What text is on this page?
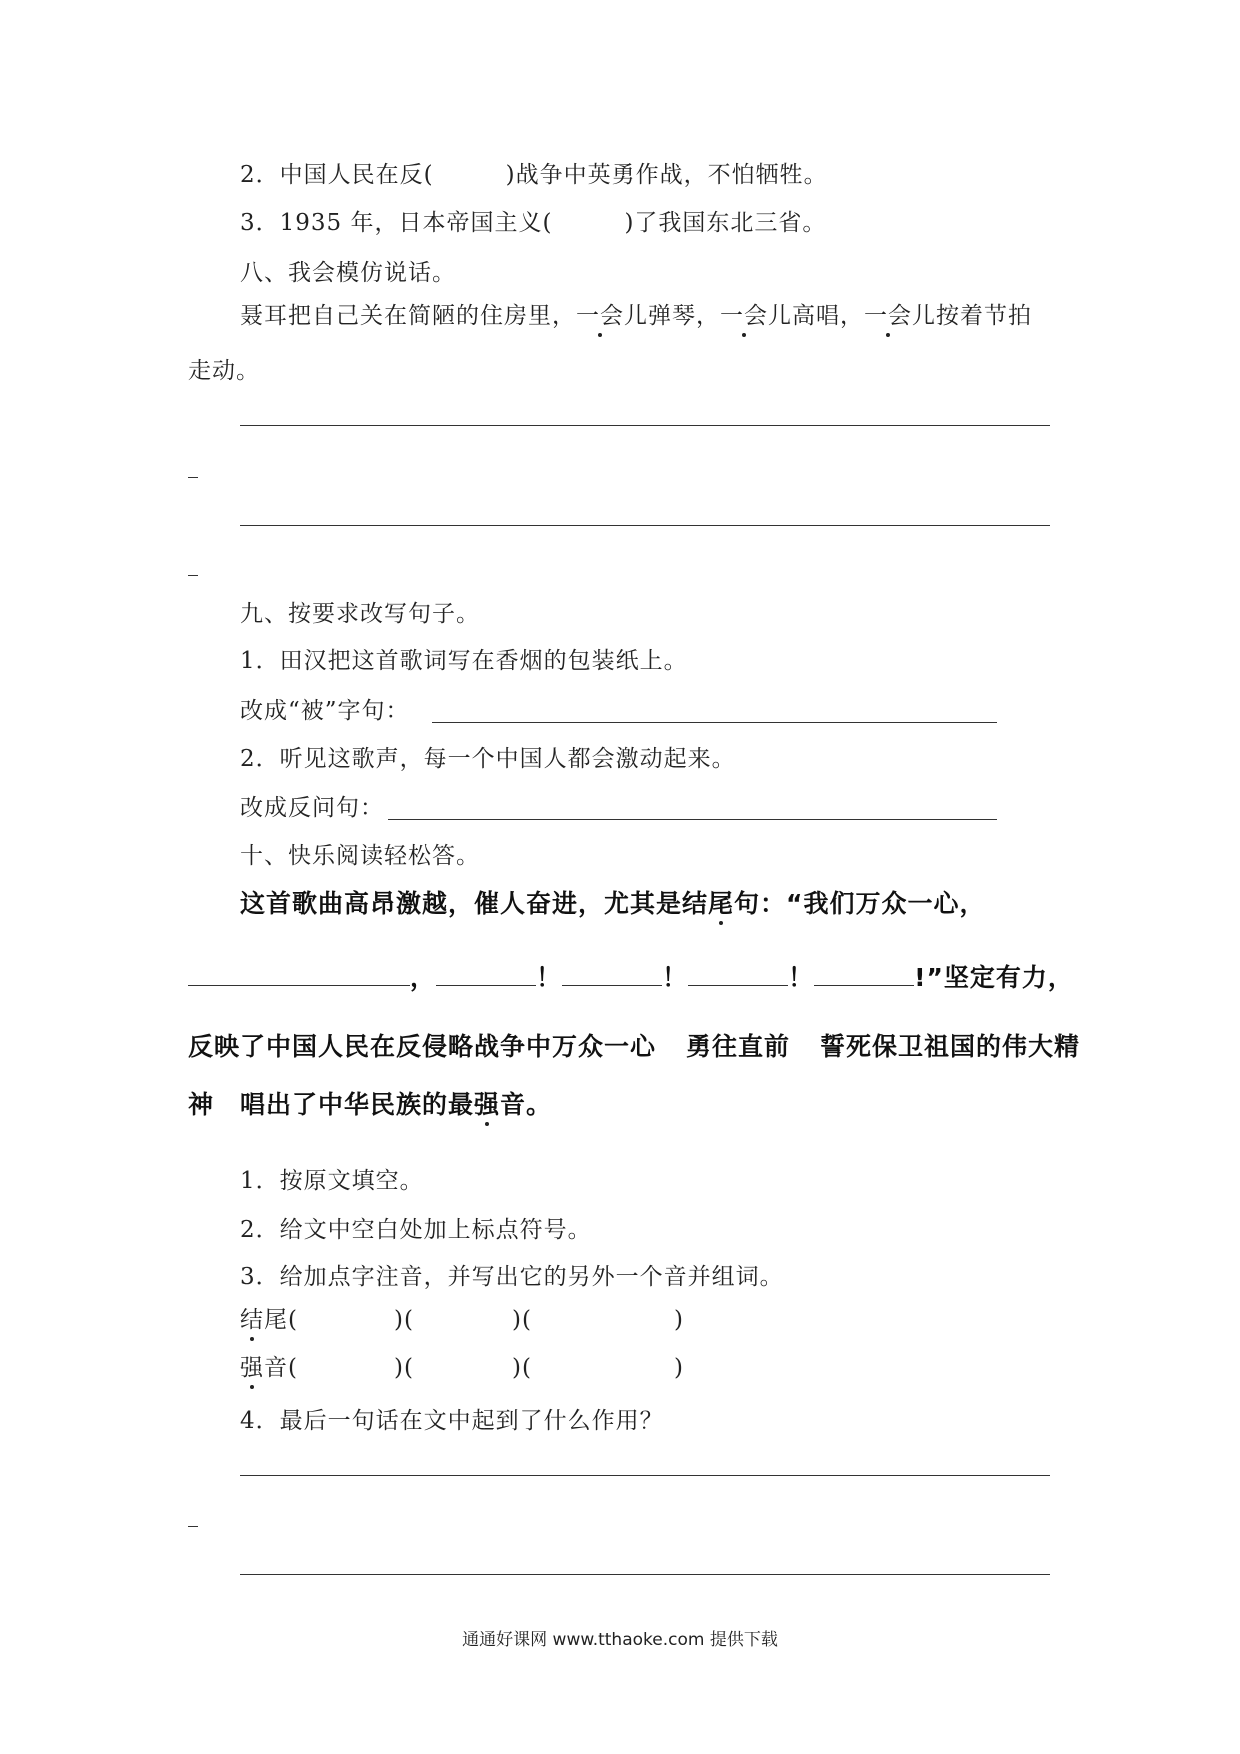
2．中国人民在反(　　　)战争中英勇作战，不怕牺牲。
3．1935 年，日本帝国主义(　　　)了我国东北三省。
八、我会模仿说话。
聂耳把自己关在简陋的住房里，一会儿弹琴，一会儿高唱，一会儿按着节拍
走动。
九、按要求改写句子。
1．田汉把这首歌词写在香烟的包装纸上。
改成“被”字句：
2．听见这歌声，每一个中国人都会激动起来。
改成反问句：
十、快乐阅读轻松答。
这首歌曲高昂激越，催人奋进，尤其是结尾句：“我们万众一心，
，	！	！	！	!”坚定有力，
反映了中国人民在反侵略战争中万众一心 勇往直前 誓死保卫祖国的伟大精
神 唱出了中华民族的最强音。
1．按原文填空。
2．给文中空白处加上标点符号。
3．给加点字注音，并写出它的另外一个音并组词。
结尾(	)(	)(	)
强音(	)(	)(	)
4．最后一句话在文中起到了什么作用？
通通好课网 www.tthaoke.com 提供下载
